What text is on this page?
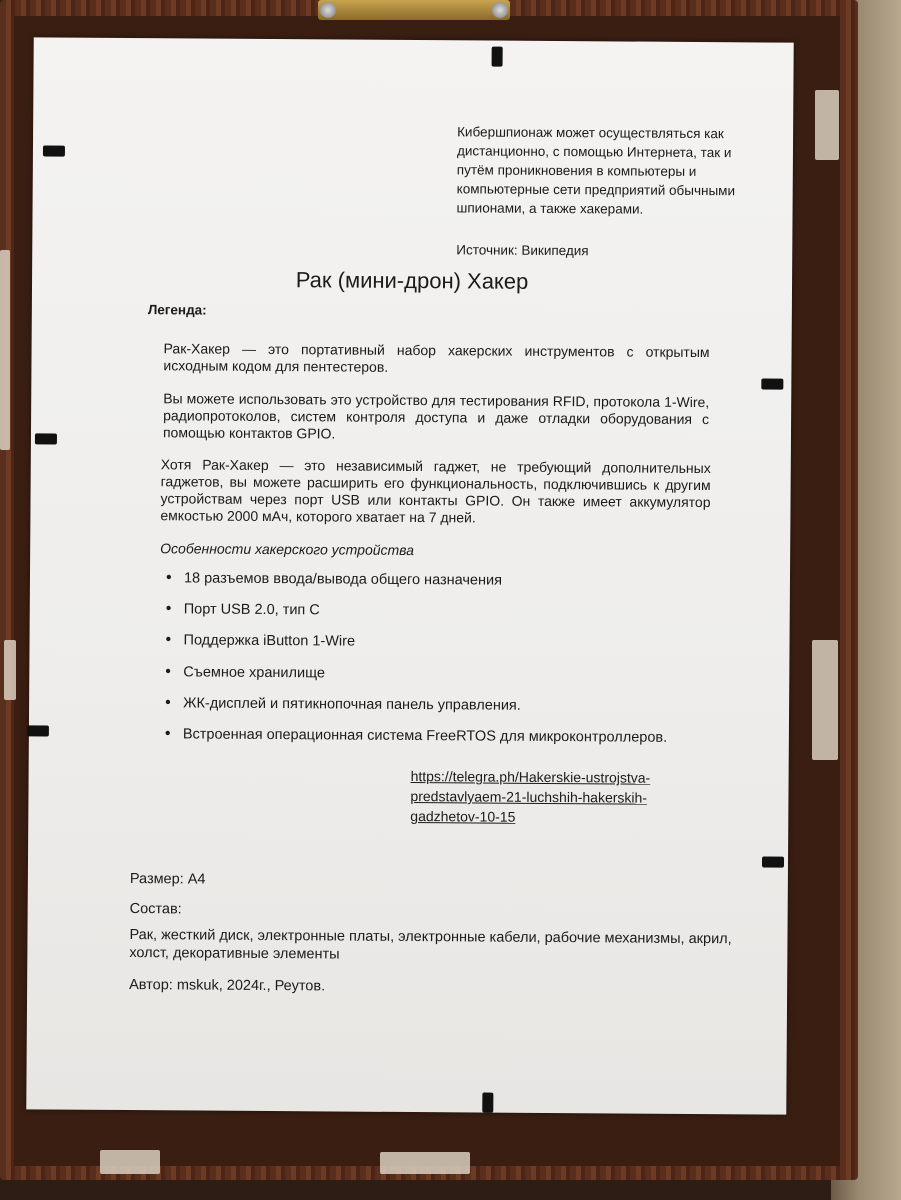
Кибершпионаж может осуществляться как дистанционно, с помощью Интернета, так и путём проникновения в компьютеры и компьютерные сети предприятий обычными шпионами, а также хакерами.
Источник: Википедия
Рак (мини-дрон) Хакер
Легенда:
Рак-Хакер — это портативный набор хакерских инструментов с открытым исходным кодом для пентестеров.
Вы можете использовать это устройство для тестирования RFID, протокола 1-Wire, радиопротоколов, систем контроля доступа и даже отладки оборудования с помощью контактов GPIO.
Хотя Рак-Хакер — это независимый гаджет, не требующий дополнительных гаджетов, вы можете расширить его функциональность, подключившись к другим устройствам через порт USB или контакты GPIO. Он также имеет аккумулятор емкостью 2000 мАч, которого хватает на 7 дней.
Особенности хакерского устройства
• 18 разъемов ввода/вывода общего назначения
• Порт USB 2.0, тип С
• Поддержка iButton 1-Wire
• Съемное хранилище
• ЖК-дисплей и пятикнопочная панель управления.
• Встроенная операционная система FreeRTOS для микроконтроллеров.
https://telegra.ph/Hakerskie-ustrojstva-predstavlyaem-21-luchshih-hakerskih-gadzhetov-10-15
Размер: А4
Состав:
Рак, жесткий диск, электронные платы, электронные кабели, рабочие механизмы, акрил, холст, декоративные элементы
Автор: mskuk, 2024г., Реутов.
